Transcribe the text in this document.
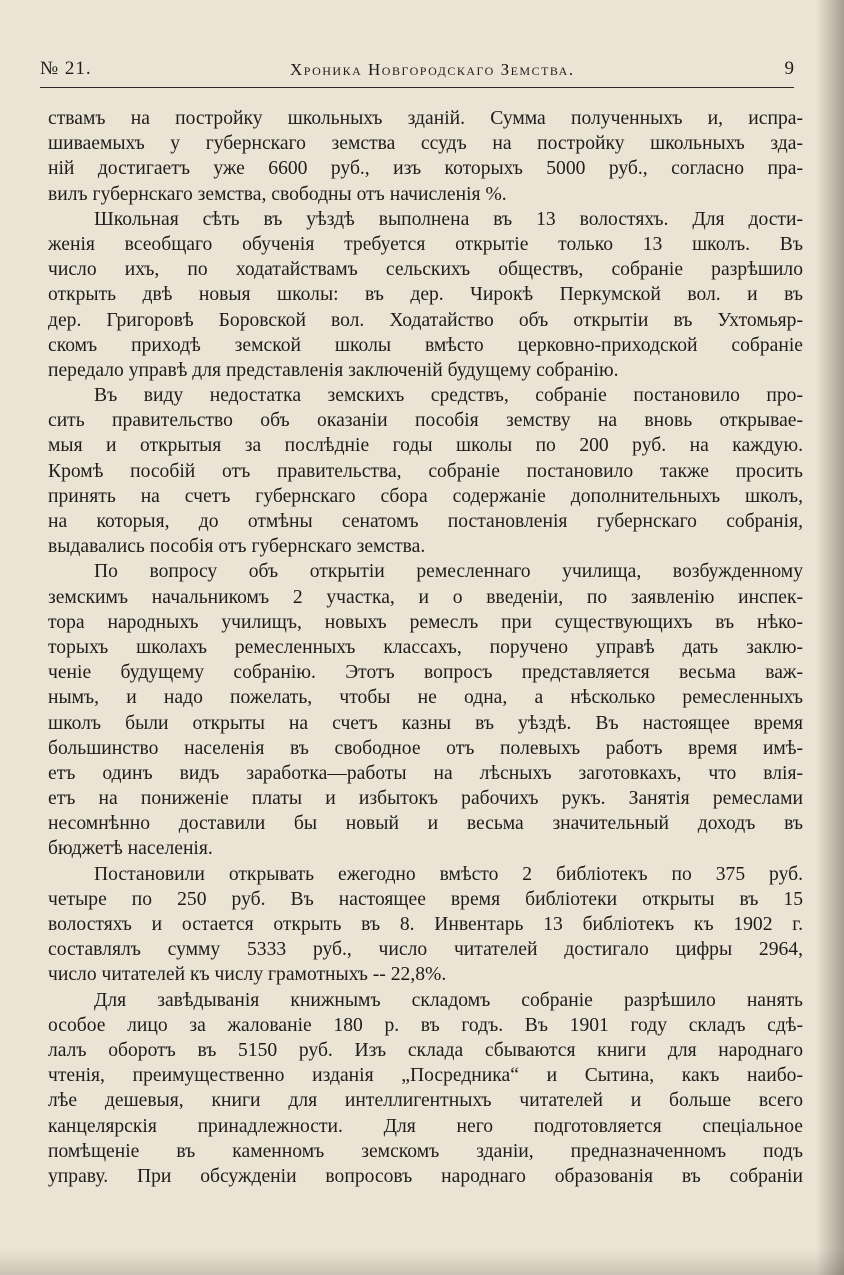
№ 21.	Хроника Новгородскаго Земства.	9
ствамъ на постройку школьныхъ зданій. Сумма полученныхъ и, испра-
шиваемыхъ у губернскаго земства ссудъ на постройку школьныхъ зда-
ній достигаетъ уже 6600 руб., изъ которыхъ 5000 руб., согласно пра-
вилъ губернскаго земства, свободны отъ начисленія %.
Школьная сѣть въ уѣздѣ выполнена въ 13 волостяхъ. Для дости-
женія всеобщаго обученія требуется открытіе только 13 школъ. Въ
число ихъ, по ходатайствамъ сельскихъ обществъ, собраніе разрѣшило
открыть двѣ новыя школы: въ дер. Чирокѣ Перкумской вол. и въ
дер. Григоровѣ Боровской вол. Ходатайство объ открытіи въ Ухтомьяр-
скомъ приходѣ земской школы вмѣсто церковно-приходской собраніе
передало управѣ для представленія заключеній будущему собранію.
Въ виду недостатка земскихъ средствъ, собраніе постановило про-
сить правительство объ оказаніи пособія земству на вновь открывае-
мыя и открытыя за послѣдніе годы школы по 200 руб. на каждую.
Кромѣ пособій отъ правительства, собраніе постановило также просить
принять на счетъ губернскаго сбора содержаніе дополнительныхъ школъ,
на которыя, до отмѣны сенатомъ постановленія губернскаго собранія,
выдавались пособія отъ губернскаго земства.
По вопросу объ открытіи ремесленнаго училища, возбужденному
земскимъ начальникомъ 2 участка, и о введеніи, по заявленію инспек-
тора народныхъ училищъ, новыхъ ремеслъ при существующихъ въ нѣко-
торыхъ школахъ ремесленныхъ классахъ, поручено управѣ дать заклю-
ченіе будущему собранію. Этотъ вопросъ представляется весьма важ-
нымъ, и надо пожелать, чтобы не одна, а нѣсколько ремесленныхъ
школъ были открыты на счетъ казны въ уѣздѣ. Въ настоящее время
большинство населенія въ свободное отъ полевыхъ работъ время имѣ-
етъ одинъ видъ заработка—работы на лѣсныхъ заготовкахъ, что влія-
етъ на пониженіе платы и избытокъ рабочихъ рукъ. Занятія ремеслами
несомнѣнно доставили бы новый и весьма значительный доходъ въ
бюджетѣ населенія.
Постановили открывать ежегодно вмѣсто 2 библіотекъ по 375 руб.
четыре по 250 руб. Въ настоящее время библіотеки открыты въ 15
волостяхъ и остается открыть въ 8. Инвентарь 13 библіотекъ къ 1902 г.
составлялъ сумму 5333 руб., число читателей достигало цифры 2964,
число читателей къ числу грамотныхъ -- 22,8%.
Для завѣдыванія книжнымъ складомъ собраніе разрѣшило нанять
особое лицо за жалованіе 180 р. въ годъ. Въ 1901 году складъ сдѣ-
лалъ оборотъ въ 5150 руб. Изъ склада сбываются книги для народнаго
чтенія, преимущественно изданія „Посредника“ и Сытина, какъ наибо-
лѣе дешевыя, книги для интеллигентныхъ читателей и больше всего
канцелярскія принадлежности. Для него подготовляется спеціальное
помѣщеніе въ каменномъ земскомъ зданіи, предназначенномъ подъ
управу. При обсужденіи вопросовъ народнаго образованія въ собраніи
